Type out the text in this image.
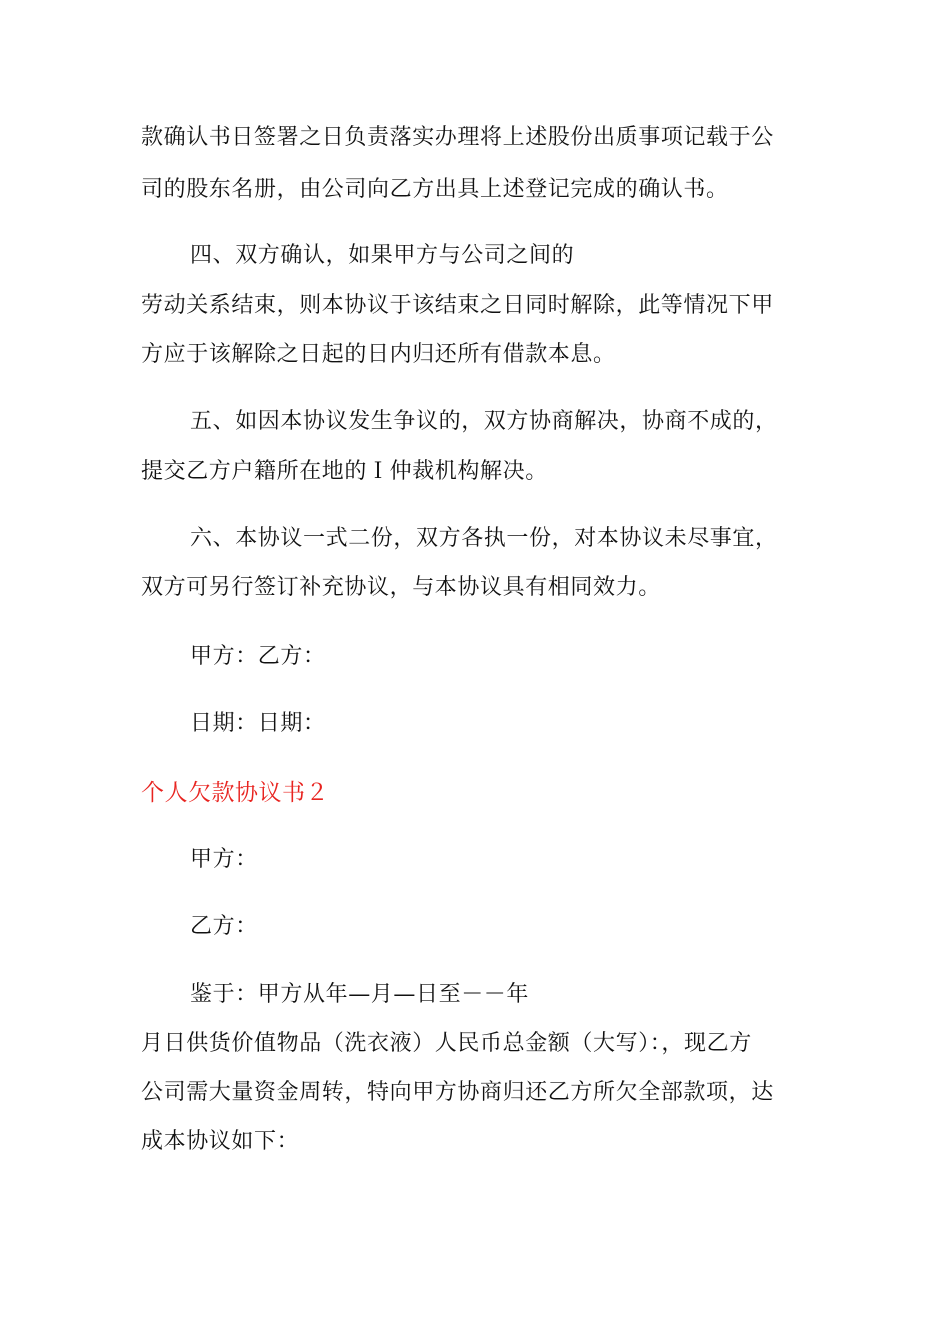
款确认书日签署之日负责落实办理将上述股份出质事项记载于公
司的股东名册，由公司向乙方出具上述登记完成的确认书。
四、双方确认，如果甲方与公司之间的
劳动关系结束，则本协议于该结束之日同时解除，此等情况下甲
方应于该解除之日起的日内归还所有借款本息。
五、如因本协议发生争议的，双方协商解决，协商不成的，
提交乙方户籍所在地的Ｉ仲裁机构解决。
六、本协议一式二份，双方各执一份，对本协议未尽事宜，
双方可另行签订补充协议，与本协议具有相同效力。
甲方：乙方：
日期：日期：
个人欠款协议书２
甲方：
乙方：
鉴于：甲方从年—月—日至－－年
月日供货价值物品（洗衣液）人民币总金额（大写）：，现乙方
公司需大量资金周转，特向甲方协商归还乙方所欠全部款项，达
成本协议如下：
